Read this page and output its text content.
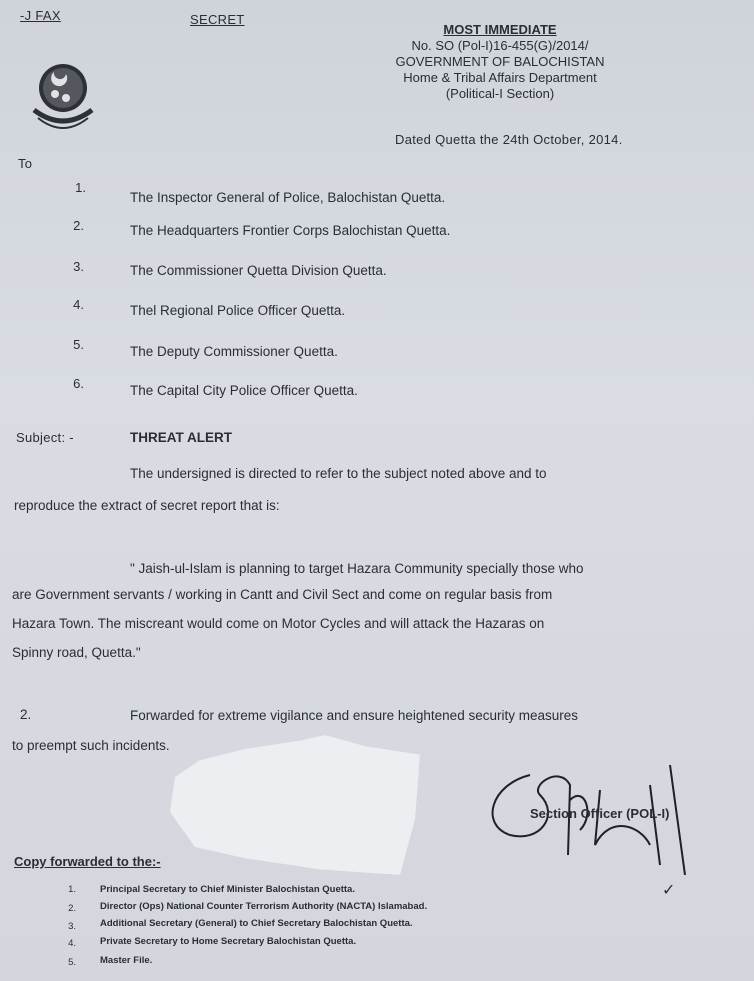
-J FAX	SECRET
MOST IMMEDIATE
No. SO (Pol-I)16-455(G)/2014/
GOVERNMENT OF BALOCHISTAN
Home & Tribal Affairs Department
(Political-I Section)
Dated Quetta the 24th October, 2014.
To
1.
The Inspector General of Police, Balochistan Quetta.
2.	The Headquarters Frontier Corps Balochistan Quetta.
3.	The Commissioner Quetta Division Quetta.
4.	Thel Regional Police Officer Quetta.
5.	The Deputy Commissioner Quetta.
6.	The Capital City Police Officer Quetta.
Subject: -	THREAT ALERT
The undersigned is directed to refer to the subject noted above and to
reproduce the extract of secret report that is:
" Jaish-ul-Islam is planning to target Hazara Community specially those who
are Government servants / working in Cantt and Civil Sect and come on regular basis from
Hazara Town. The miscreant would come on Motor Cycles and will attack the Hazaras on
Spinny road, Quetta."
2.	Forwarded for extreme vigilance and ensure heightened security measures
to preempt such incidents.
Section Officer (POL-I)
Copy forwarded to the:-
1.	Principal Secretary to Chief Minister Balochistan Quetta.
2.	Director (Ops) National Counter Terrorism Authority (NACTA) Islamabad.
3.	Additional Secretary (General) to Chief Secretary Balochistan Quetta.
4.	Private Secretary to Home Secretary Balochistan Quetta.
5.	Master File.
✓
